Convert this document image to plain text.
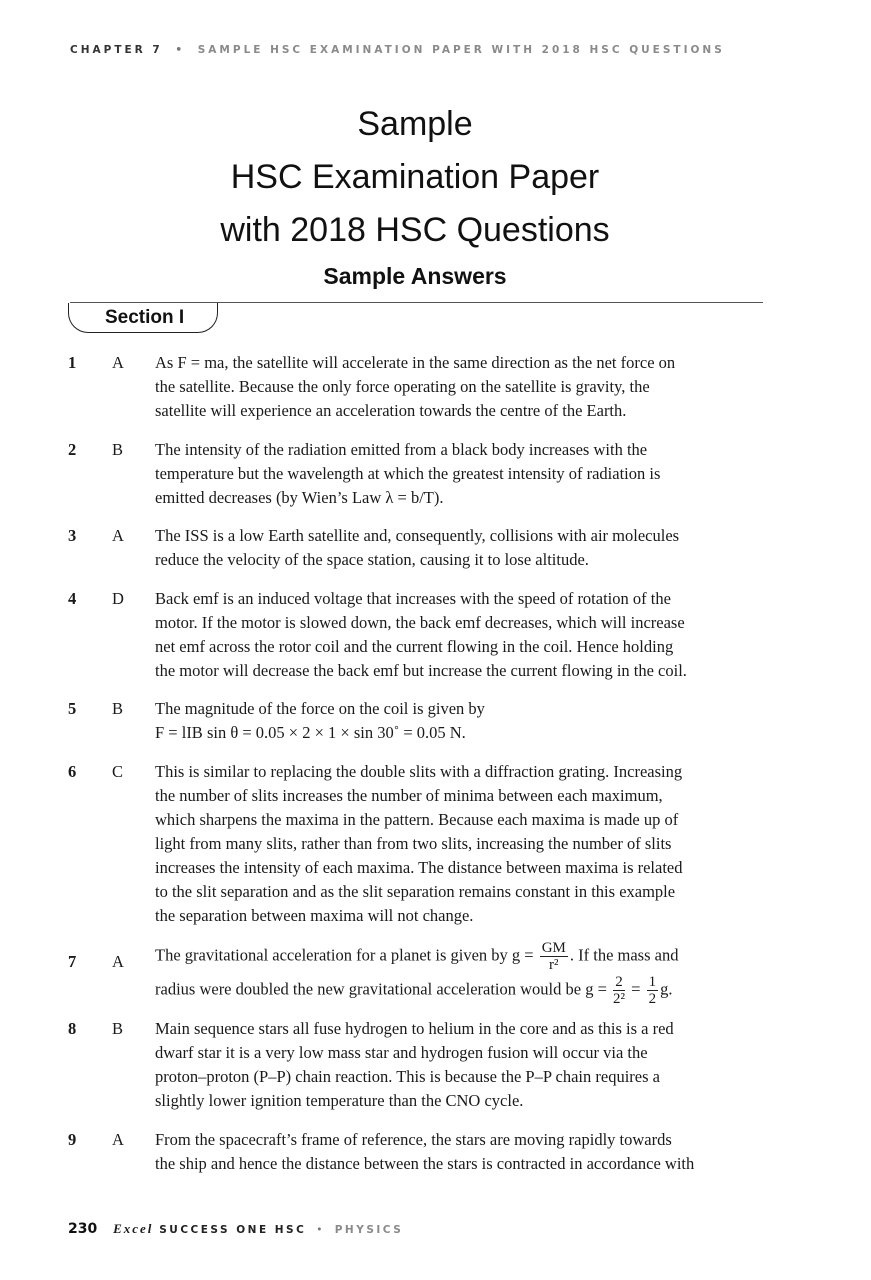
CHAPTER 7 • SAMPLE HSC EXAMINATION PAPER WITH 2018 HSC QUESTIONS
Sample
HSC Examination Paper
with 2018 HSC Questions
Sample Answers
Section I
1 A As F = ma, the satellite will accelerate in the same direction as the net force on
the satellite. Because the only force operating on the satellite is gravity, the
satellite will experience an acceleration towards the centre of the Earth.
2 B The intensity of the radiation emitted from a black body increases with the
temperature but the wavelength at which the greatest intensity of radiation is
emitted decreases (by Wien’s Law λ = b/T).
3 A The ISS is a low Earth satellite and, consequently, collisions with air molecules
reduce the velocity of the space station, causing it to lose altitude.
4 D Back emf is an induced voltage that increases with the speed of rotation of the
motor. If the motor is slowed down, the back emf decreases, which will increase
net emf across the rotor coil and the current flowing in the coil. Hence holding
the motor will decrease the back emf but increase the current flowing in the coil.
5 B The magnitude of the force on the coil is given by
F = lIB sin θ = 0.05 × 2 × 1 × sin 30˚ = 0.05 N.
6 C This is similar to replacing the double slits with a diffraction grating. Increasing
the number of slits increases the number of minima between each maximum,
which sharpens the maxima in the pattern. Because each maxima is made up of
light from many slits, rather than from two slits, increasing the number of slits
increases the intensity of each maxima. The distance between maxima is related
to the slit separation and as the slit separation remains constant in this example
the separation between maxima will not change.
7 A The gravitational acceleration for a planet is given by $g = \frac{GM}{\text{r²}}$ . If the mass and
radius were doubled the new gravitational acceleration would be $g = \frac{2}{\text{2²}} = \frac{1}{2} g$.
8 B Main sequence stars all fuse hydrogen to helium in the core and as this is a red
dwarf star it is a very low mass star and hydrogen fusion will occur via the
proton–proton (P–P) chain reaction. This is because the P–P chain requires a
slightly lower ignition temperature than the CNO cycle.
9 A From the spacecraft’s frame of reference, the stars are moving rapidly towards
the ship and hence the distance between the stars is contracted in accordance with
230 Excel SUCCESS ONE HSC • PHYSICS
